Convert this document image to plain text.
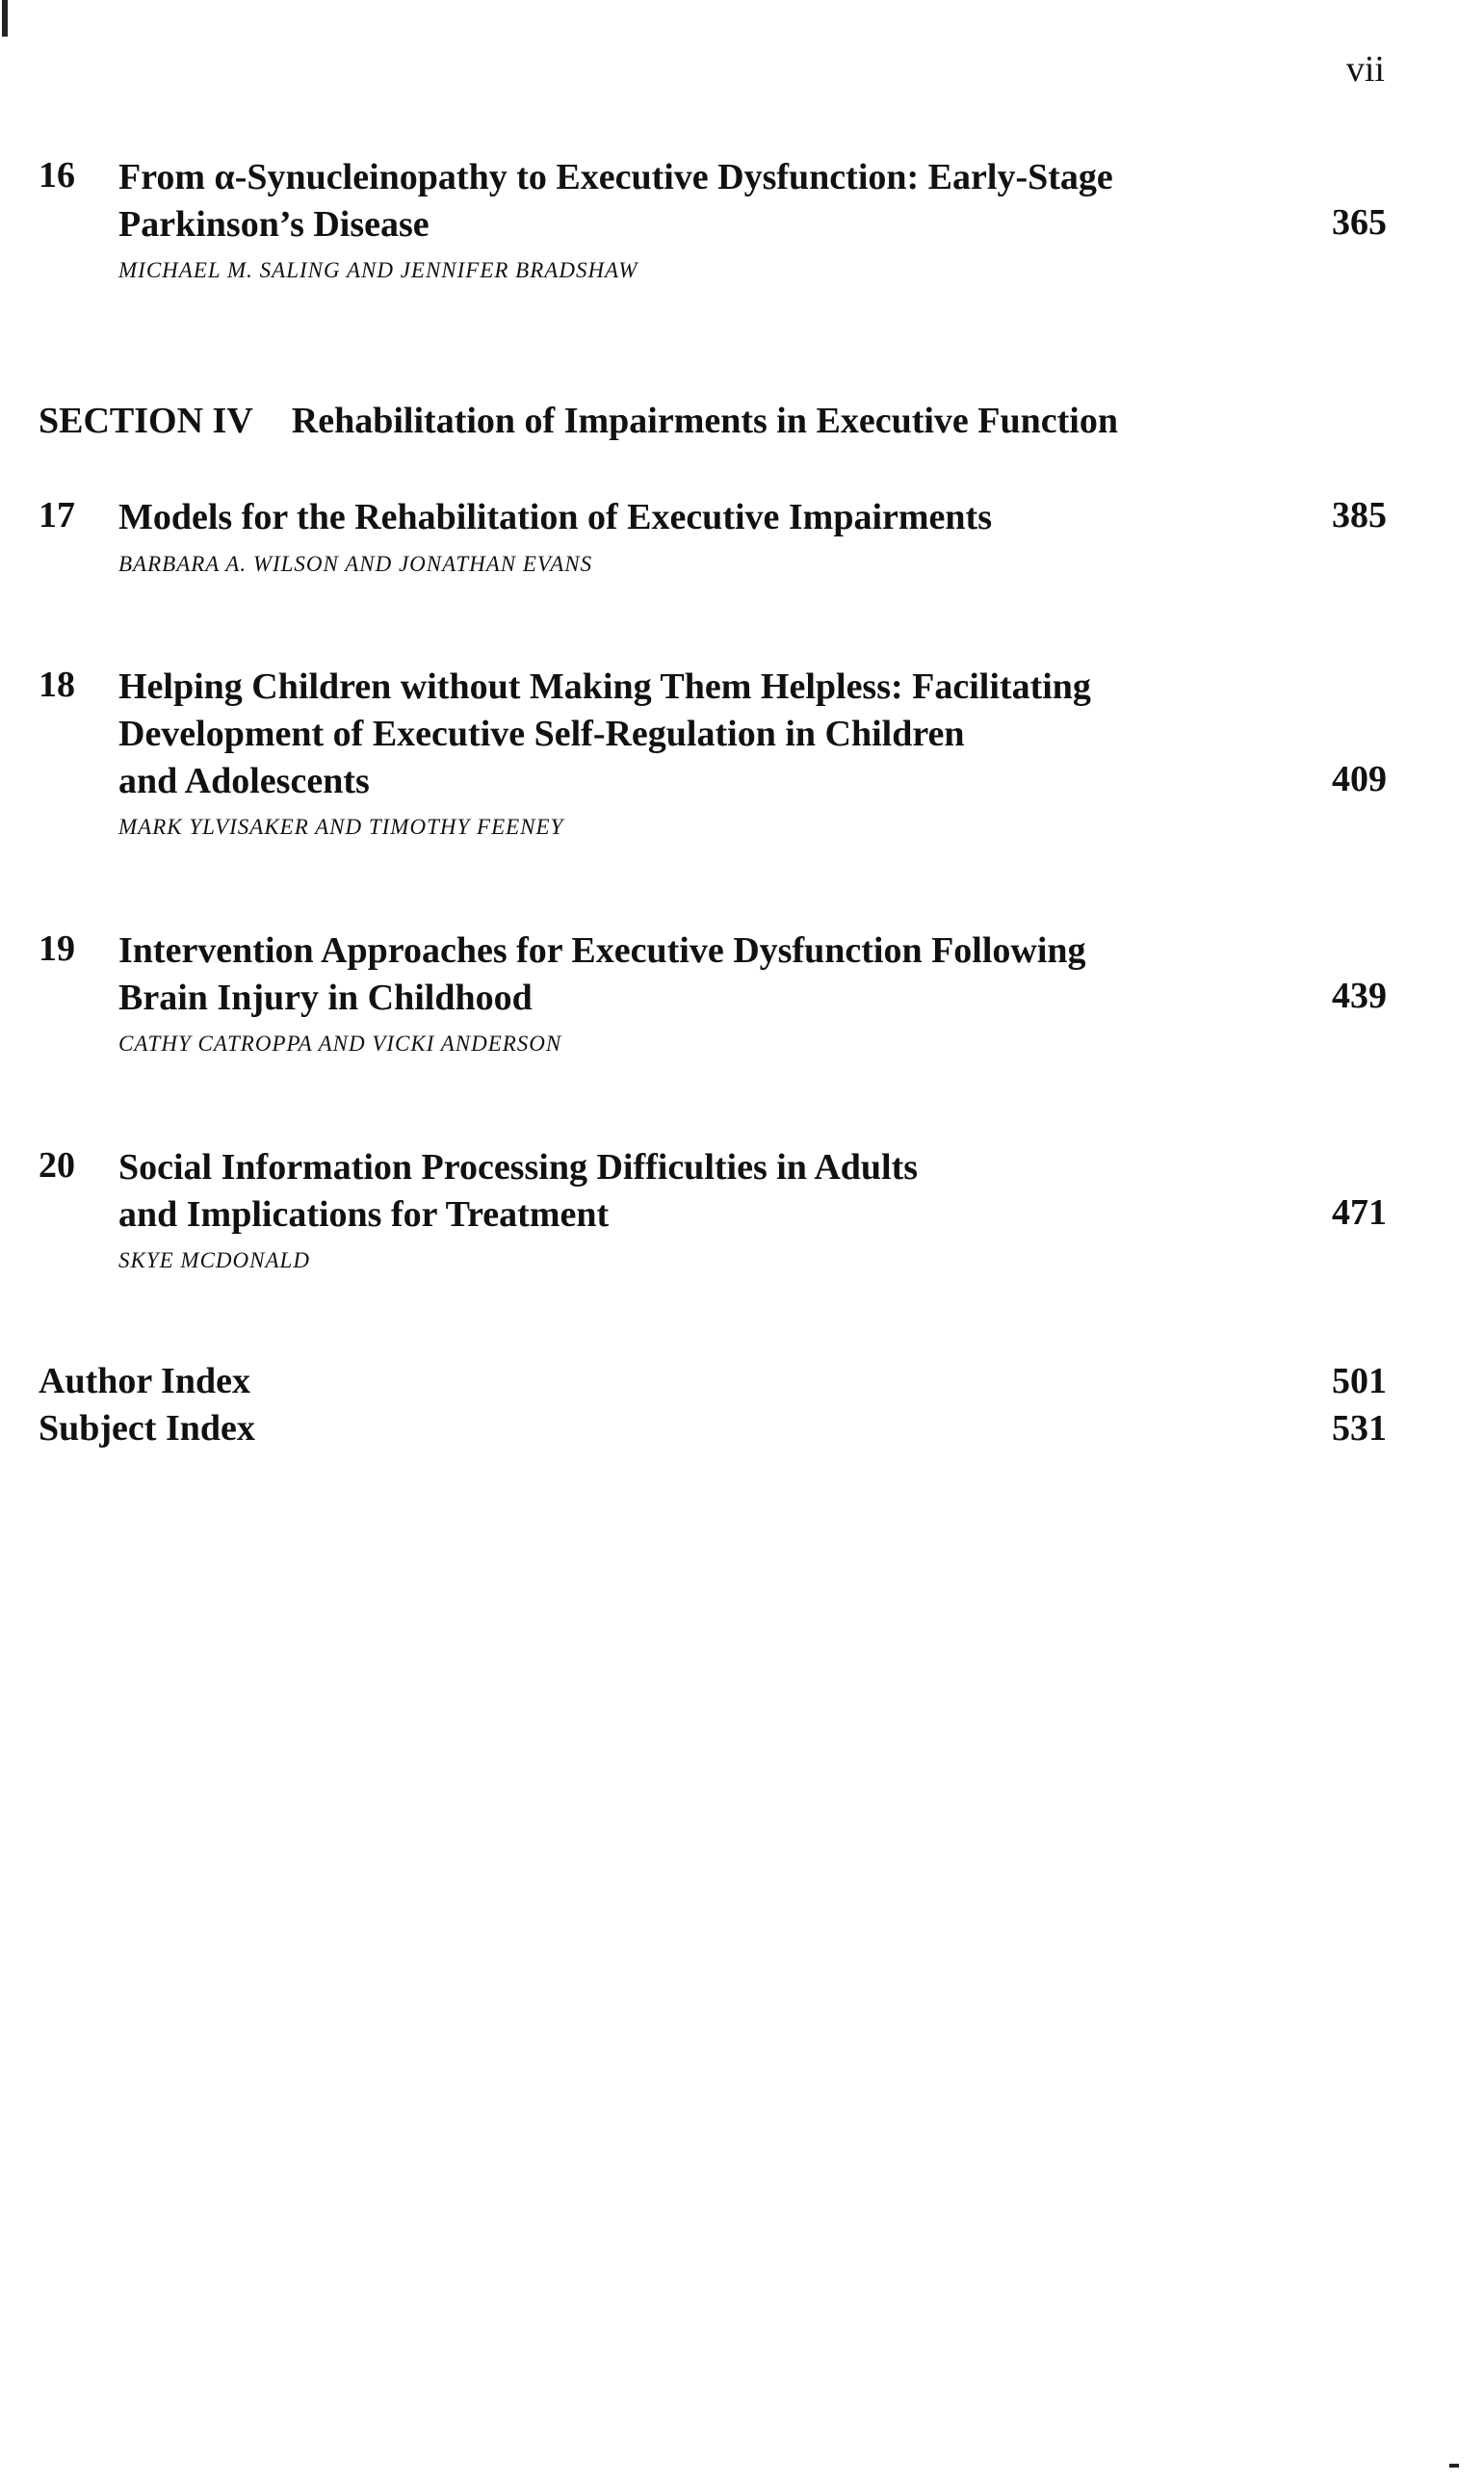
vii
16	From α-Synucleinopathy to Executive Dysfunction: Early-Stage
Parkinson’s Disease	365
MICHAEL M. SALING AND JENNIFER BRADSHAW
SECTION IV Rehabilitation of Impairments in Executive Function
17	Models for the Rehabilitation of Executive Impairments	385
BARBARA A. WILSON AND JONATHAN EVANS
18	Helping Children without Making Them Helpless: Facilitating
Development of Executive Self-Regulation in Children
and Adolescents	409
MARK YLVISAKER AND TIMOTHY FEENEY
19	Intervention Approaches for Executive Dysfunction Following
Brain Injury in Childhood	439
CATHY CATROPPA AND VICKI ANDERSON
20	Social Information Processing Difficulties in Adults
and Implications for Treatment	471
SKYE MCDONALD
Author Index	501
Subject Index	531
